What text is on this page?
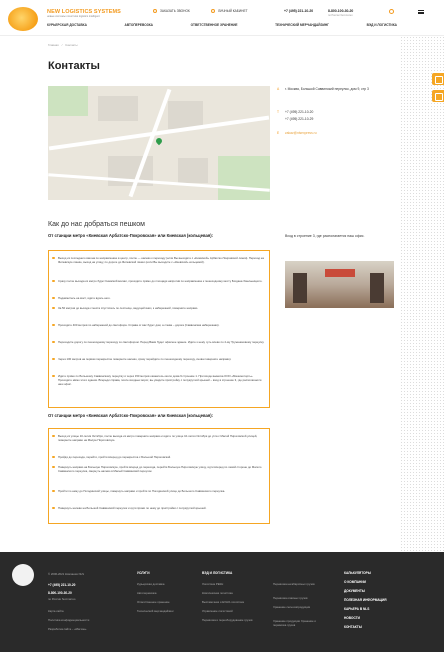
NEW LOGISTICS SYSTEMS
новые системы логистики logistics intelligent
ЗАКАЗАТЬ ЗВОНОК	ЛИЧНЫЙ КАБИНЕТ	+7 (495) 221-10-20	8-800-100-30-20
по России бесплатно
КУРЬЕРСКАЯ ДОСТАВКА	АВТОПЕРЕВОЗКА	ОТВЕТСТВЕННОЕ ХРАНЕНИЕ	ТЕХНИЧЕСКИЙ МЕРЧАНДАЙЗИНГ	ВЭД И ЛОГИСТИКА
Главная / Контакты
Контакты
А г. Москва, Большой Саввинский переулок, дом 9, стр 3
Т +7 (495) 221-10-20
+7 (495) 221-10-29
Е zakaz@nlsexpress.ru
Как до нас добраться пешком
От станции метро «Киевская Арбатско-Покровская» или Киевская (кольцевая):	Вход в строение 3, где располагается наш офис.
Выход из последнего вагона по направлению в центр, после — налево к переходу (если Вы выходите с «Киевской» Арбатско-Покровской линии). Переход на Филевскую линию, выход на улицу, по дороге до Филевской линии (если Вы выходите с «Киевской» кольцевой).
Сразу после выхода из метро будет Киевский вокзал, проходите прямо до площади напротив по направлению к пешеходному мосту Богдана Хмельницкого.
Поднимитесь на мост, идите вдоль него.
За 50 метров до выхода с места спуститесь по лестнице, ведущей вниз, к набережной, поверните направо.
Проходите 400 метров по набережной до светофора. Справа от вас будет дом, а слева – дорога (Саввинская набережная).
Переходите дорогу по пешеходному переходу со светофором. Перед Вами будет офисное здание. Идите к нему чуть влево по 2-му Тружениковому переулку.
Через 100 метров на первом перекрестке поверните налево, сразу перейдите по пешеходному переходу, снова поверните направо).
Идите прямо по Большому Саввинскому переулку и через 150 метров окажетесь около дома 9 строение 1. При входе вывеска ООО «Машиноторгъ». Проходите мимо этого здания. Впереди справа, после входных ворот, вы увидите пристройку с полукруглой крышей – вход в строение 3, где располагается наш офис.
От станции метро «Киевская Арбатско-Покровская» или Киевская (кольцевая):
Выход из улицы 10-летия Октября, после выхода из метро поверните направо и идите по улице 10-летия Октября до угла с Малой Пироговской улицей, поверните направо на Малую Пироговскую.
Пройдя до перехода, перейти, пройти вперед до перекрестка с Большой Пироговской.
Повернуть направо на Большую Пироговскую, пройти вперед до перехода, перейти Большую Пироговскую улицу, идти вперед по левой стороне до Малого Саввинского переулка, свернуть налево в Малый Саввинский переулок.
Пройти по нему до Погодинской улицы, повернуть направо и пройти по Погодинской улице до Большого Саввинского переулка.
Повернуть налево на Большой Саввинский переулок и идти прямо по нему до пристройки с полукруглой крышей.
© 2006-2021 Компания NLS
+7 (495) 221-10-20
8-800-100-30-20
по России бесплатно
Карта сайта
Политика конфиденциальности
Разработка сайта – «Магзон»
УСЛУГИ
Курьерская доставка
Автоперевозка
Ответственное хранение
Технический мерчандайзинг
ВЭД И ЛОГИСТИКА
Логистика РЕКН
Комплексная логистика
Выставочная и EXHO-логистика
Управление логистикой
Перевозка и переоборудование грузов
Перевозка негабаритных грузов
Перевозка опасных грузов
Хранение сельхозпродукции
Хранение продукции Хранение и перевозка грузов
КАЛЬКУЛЯТОРЫ
О КОМПАНИИ
ДОКУМЕНТЫ
ПОЛЕЗНАЯ ИНФОРМАЦИЯ
КАРЬЕРА В NLS
НОВОСТИ
КОНТАКТЫ
